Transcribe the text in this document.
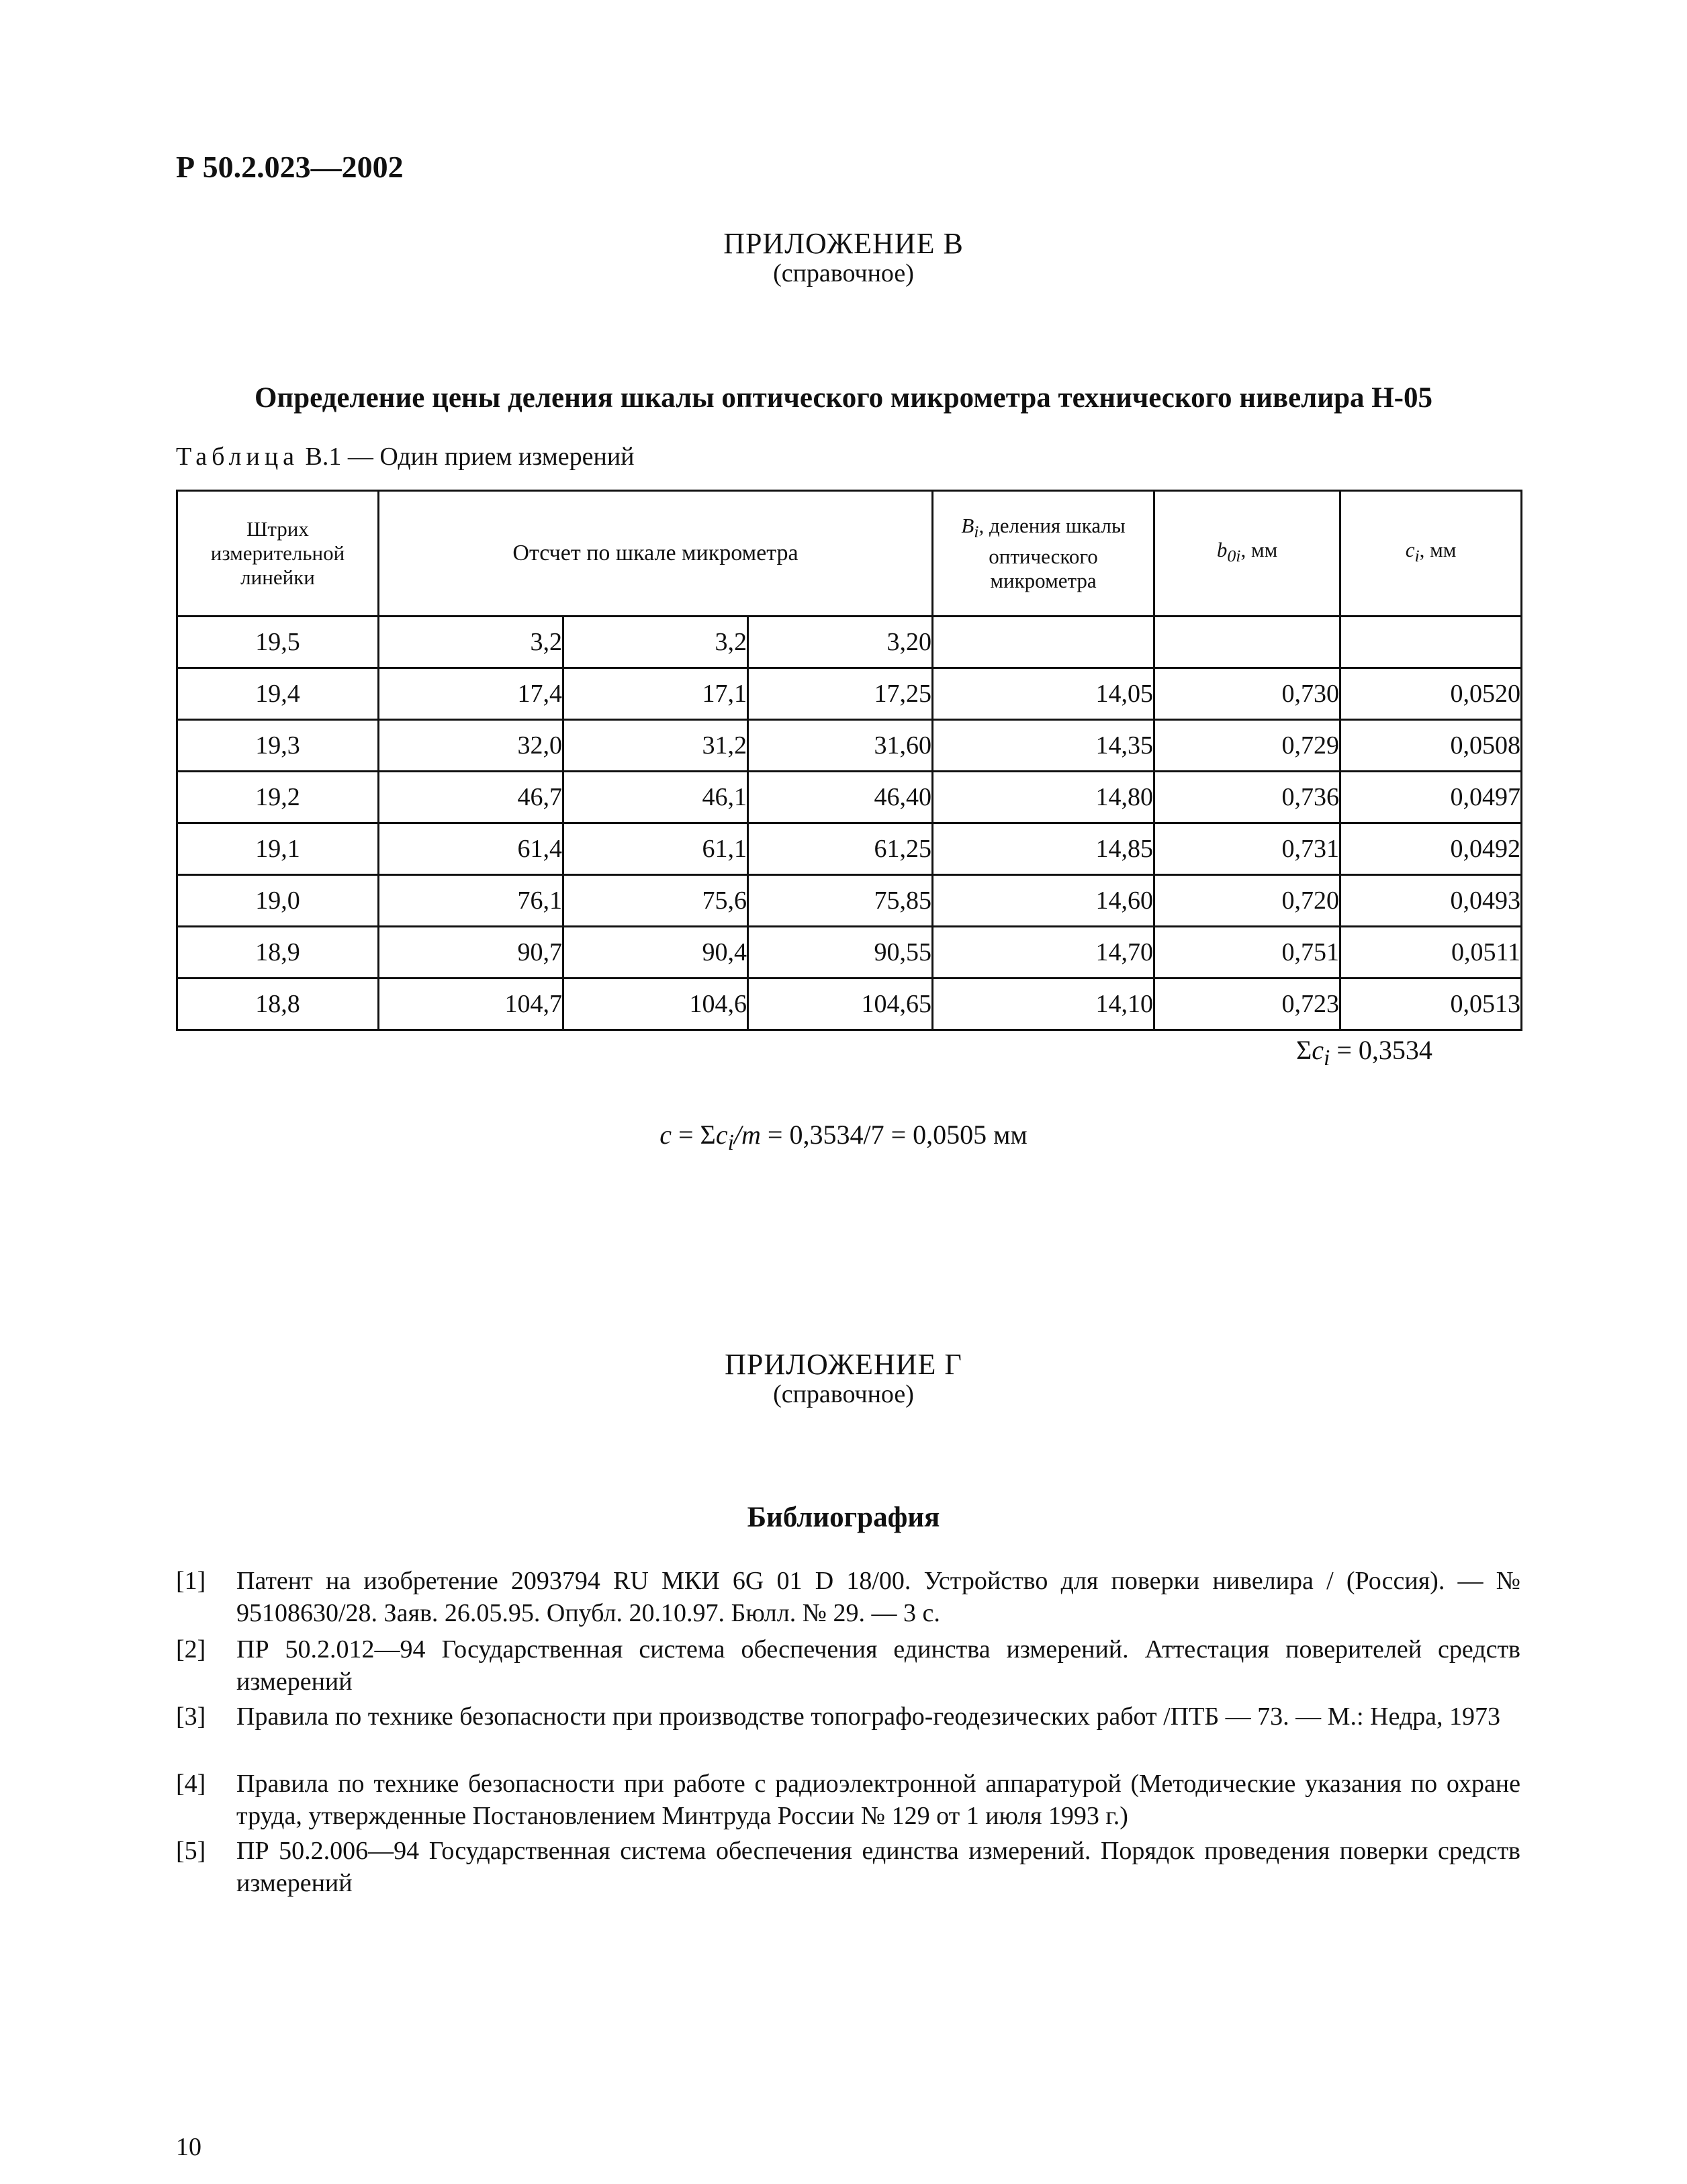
Р 50.2.023—2002
ПРИЛОЖЕНИЕ В
(справочное)
Определение цены деления шкалы оптического микрометра технического нивелира Н-05
Таблица В.1 — Один прием измерений
Штрих измерительной линейки	Отсчет по шкале микрометра			$B_i$, деления шкалы оптического микрометра	$b_{0i}$, мм	$c_i$, мм
19,5	3,2	3,2	3,20			
19,4	17,4	17,1	17,25	14,05	0,730	0,0520
19,3	32,0	31,2	31,60	14,35	0,729	0,0508
19,2	46,7	46,1	46,40	14,80	0,736	0,0497
19,1	61,4	61,1	61,25	14,85	0,731	0,0492
19,0	76,1	75,6	75,85	14,60	0,720	0,0493
18,9	90,7	90,4	90,55	14,70	0,751	0,0511
18,8	104,7	104,6	104,65	14,10	0,723	0,0513
$\Sigma c_i = 0,3534$
$c = \Sigma c_i/m = 0,3534/7 = 0,0505$ мм
ПРИЛОЖЕНИЕ Г
(справочное)
Библиография
[1]	Патент на изобретение 2093794 RU МКИ 6G 01 D 18/00. Устройство для поверки нивелира / (Россия). — № 95108630/28. Заяв. 26.05.95. Опубл. 20.10.97. Бюлл. № 29. — 3 с.
[2]	ПР 50.2.012—94 Государственная система обеспечения единства измерений. Аттестация поверителей средств измерений
[3]	Правила по технике безопасности при производстве топографо-геодезических работ /ПТБ — 73. — М.: Недра, 1973
[4]	Правила по технике безопасности при работе с радиоэлектронной аппаратурой (Методические указания по охране труда, утвержденные Постановлением Минтруда России № 129 от 1 июля 1993 г.)
[5]	ПР 50.2.006—94 Государственная система обеспечения единства измерений. Порядок проведения поверки средств измерений
10
